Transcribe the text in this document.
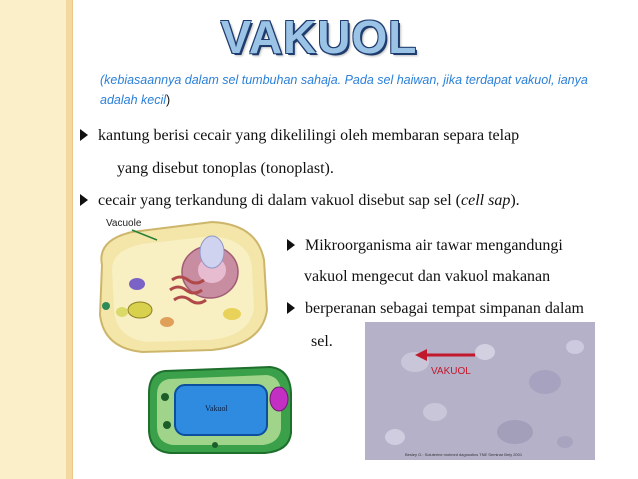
VAKUOL
(kebiasaannya dalam sel tumbuhan sahaja. Pada sel haiwan, jika terdapat vakuol, ianya adalah kecil)
kantung berisi cecair yang dikelilingi oleh membaran separa telap
yang disebut tonoplas (tonoplast).
cecair yang terkandung di dalam vakuol disebut sap sel (cell sap).
Mikroorganisma air tawar mengandungi
vakuol mengecut dan vakuol makanan
berperanan sebagai tempat simpanan dalam
sel.
Vacuole
Vakuol
VAKUOL
Besley G.: Soluterine molmed dagnostics TNE Seminar Bely 2001
